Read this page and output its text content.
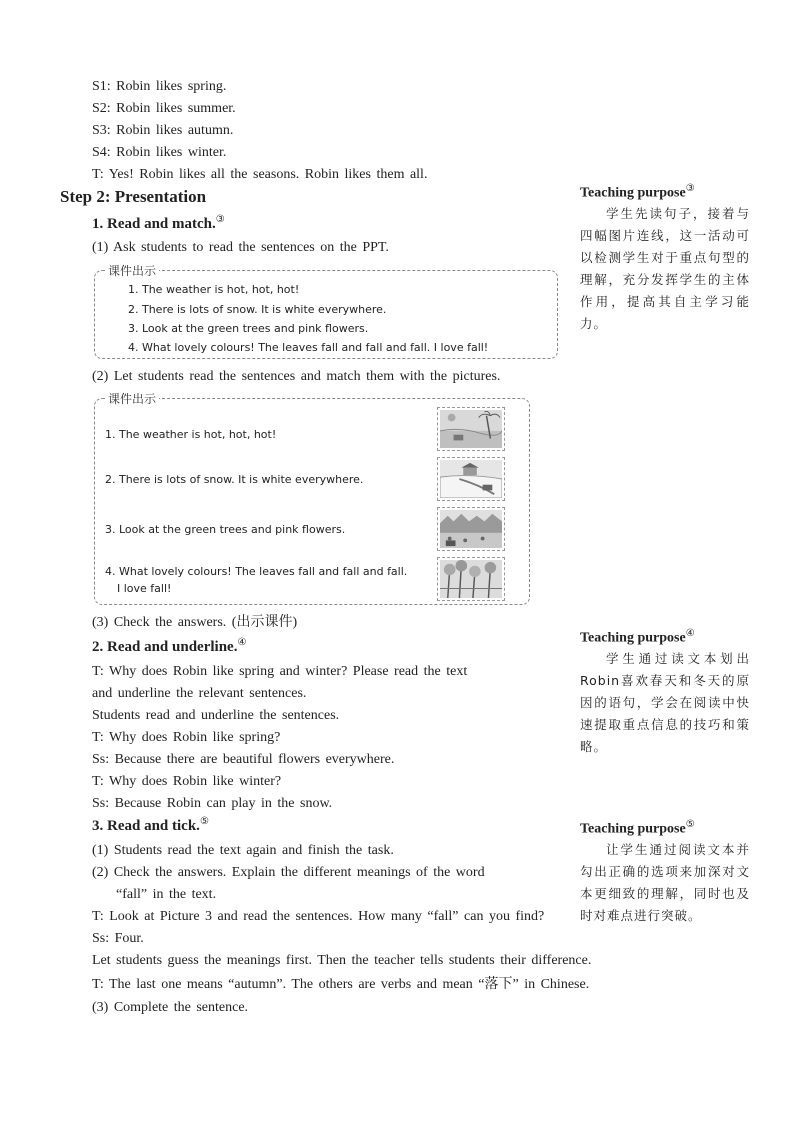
S1: Robin likes spring.
S2: Robin likes summer.
S3: Robin likes autumn.
S4: Robin likes winter.
T: Yes! Robin likes all the seasons. Robin likes them all.
Step 2: Presentation
1. Read and match.③
(1) Ask students to read the sentences on the PPT.
课件出示
1. The weather is hot, hot, hot!
2. There is lots of snow. It is white everywhere.
3. Look at the green trees and pink flowers.
4. What lovely colours! The leaves fall and fall and fall. I love fall!
(2) Let students read the sentences and match them with the pictures.
课件出示
1. The weather is hot, hot, hot!
2. There is lots of snow. It is white everywhere.
3. Look at the green trees and pink flowers.
4. What lovely colours! The leaves fall and fall and fall.
I love fall!
(3) Check the answers. (出示课件)
2. Read and underline.④
T: Why does Robin like spring and winter? Please read the text
and underline the relevant sentences.
Students read and underline the sentences.
T: Why does Robin like spring?
Ss: Because there are beautiful flowers everywhere.
T: Why does Robin like winter?
Ss: Because Robin can play in the snow.
3. Read and tick.⑤
(1) Students read the text again and finish the task.
(2) Check the answers. Explain the different meanings of the word
“fall” in the text.
T: Look at Picture 3 and read the sentences. How many “fall” can you find?
Ss: Four.
Let students guess the meanings first. Then the teacher tells students their difference.
T: The last one means “autumn”. The others are verbs and mean “落下” in Chinese.
(3) Complete the sentence.
Teaching purpose③
学生先读句子，接着与四幅图片连线，这一活动可以检测学生对于重点句型的理解，充分发挥学生的主体作用，提高其自主学习能力。
Teaching purpose④
学生通过读文本划出Robin喜欢春天和冬天的原因的语句，学会在阅读中快速提取重点信息的技巧和策略。
Teaching purpose⑤
让学生通过阅读文本并勾出正确的选项来加深对文本更细致的理解，同时也及时对难点进行突破。
